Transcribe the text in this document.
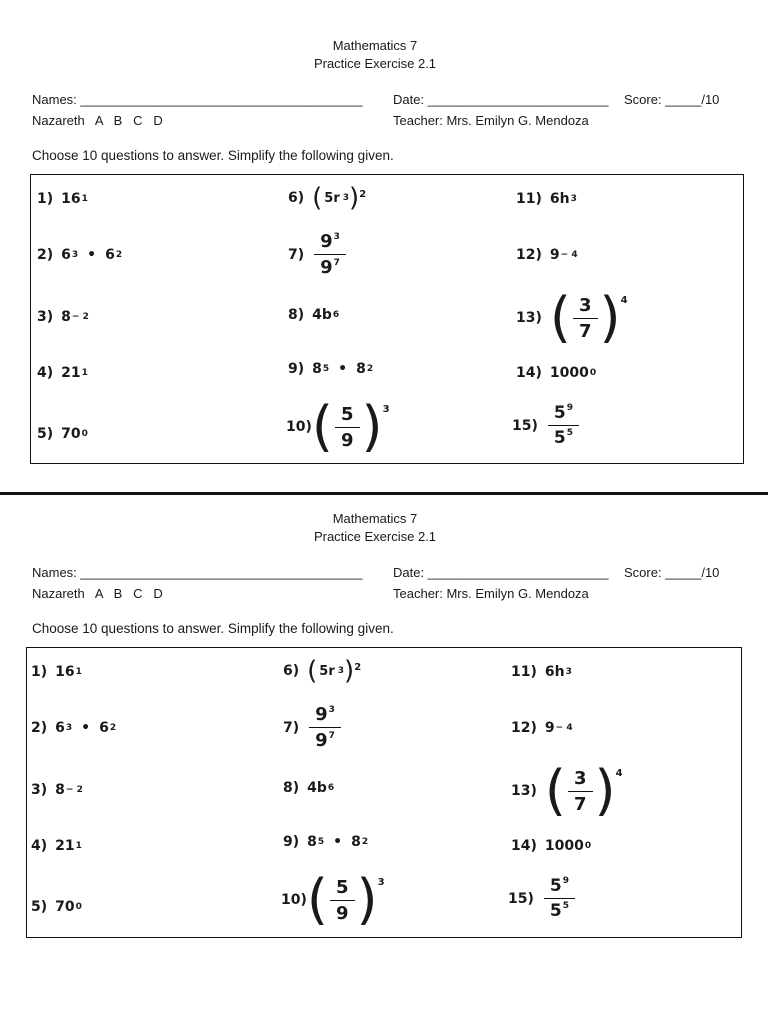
Mathematics 7
Practice Exercise 2.1
Names: _______________________________________ Date: _________________________ Score: _____/10
Nazareth   A   B   C   D	Teacher: Mrs. Emilyn G. Mendoza
Choose 10 questions to answer. Simplify the following given.
1) 16 1
2) 6 3 • 6 2
3) 8 − 2
4) 21 1
5) 70 0
6) ( 5r 3 ) 2
$7) \frac{9^3}{9^7}$
8) 4b 6
9) 8 5 • 8 2
10) ( $\frac{5}{9}$ ) 3
11) 6h 3
12) 9 − 4
13) ( $\frac{3}{7}$ ) 4
14) 1000 0
$15) \frac{5^9}{5^5}$
Mathematics 7
Practice Exercise 2.1
Names: _______________________________________ Date: _________________________ Score: _____/10
Nazareth   A   B   C   D	Teacher: Mrs. Emilyn G. Mendoza
Choose 10 questions to answer. Simplify the following given.
1) 16 1
2) 6 3 • 6 2
3) 8 − 2
4) 21 1
5) 70 0
6) ( 5r 3 ) 2
$7) \frac{9^3}{9^7}$
8) 4b 6
9) 8 5 • 8 2
10) ( $\frac{5}{9}$ ) 3
11) 6h 3
12) 9 − 4
13) ( $\frac{3}{7}$ ) 4
14) 1000 0
$15) \frac{5^9}{5^5}$
